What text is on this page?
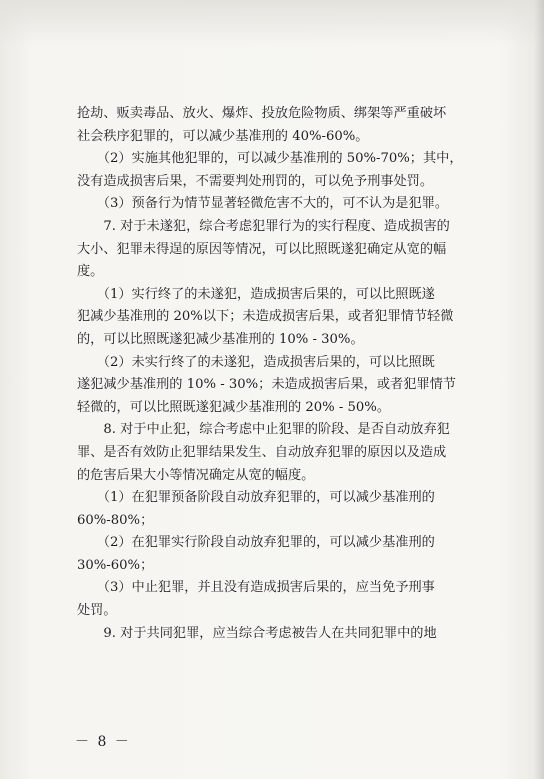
抢劫、贩卖毒品、放火、爆炸、投放危险物质、绑架等严重破坏
社会秩序犯罪的，可以减少基准刑的 40%-60%。
　　（2）实施其他犯罪的，可以减少基准刑的 50%-70%；其中，
没有造成损害后果，不需要判处刑罚的，可以免予刑事处罚。
　　（3）预备行为情节显著轻微危害不大的，可不认为是犯罪。
　　7. 对于未遂犯，综合考虑犯罪行为的实行程度、造成损害的
大小、犯罪未得逞的原因等情况，可以比照既遂犯确定从宽的幅
度。
　　（1）实行终了的未遂犯，造成损害后果的，可以比照既遂
犯减少基准刑的 20%以下；未造成损害后果，或者犯罪情节轻微
的，可以比照既遂犯减少基准刑的 10% - 30%。
　　（2）未实行终了的未遂犯，造成损害后果的，可以比照既
遂犯减少基准刑的 10% - 30%；未造成损害后果，或者犯罪情节
轻微的，可以比照既遂犯减少基准刑的 20% - 50%。
　　8. 对于中止犯，综合考虑中止犯罪的阶段、是否自动放弃犯
罪、是否有效防止犯罪结果发生、自动放弃犯罪的原因以及造成
的危害后果大小等情况确定从宽的幅度。
　　（1）在犯罪预备阶段自动放弃犯罪的，可以减少基准刑的
60%-80%；
　　（2）在犯罪实行阶段自动放弃犯罪的，可以减少基准刑的
30%-60%；
　　（3）中止犯罪，并且没有造成损害后果的，应当免予刑事
处罚。
　　9. 对于共同犯罪，应当综合考虑被告人在共同犯罪中的地
－ 8 －
